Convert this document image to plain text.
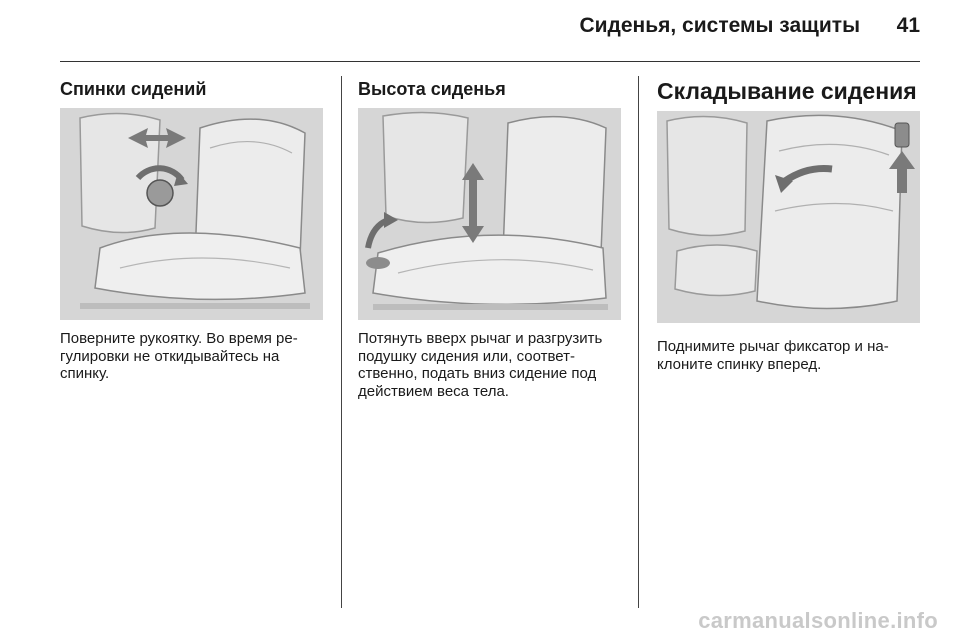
Сиденья, системы защиты	41
Спинки сидений
Поверните рукоятку. Во время ре-
гулировки не откидывайтесь на
спинку.
Высота сиденья
Потянуть вверх рычаг и разгрузить
подушку сидения или, соответ-
ственно, подать вниз сидение под
действием веса тела.
Складывание сидения
Поднимите рычаг фиксатор и на-
клоните спинку вперед.
carmanualsonline.info
